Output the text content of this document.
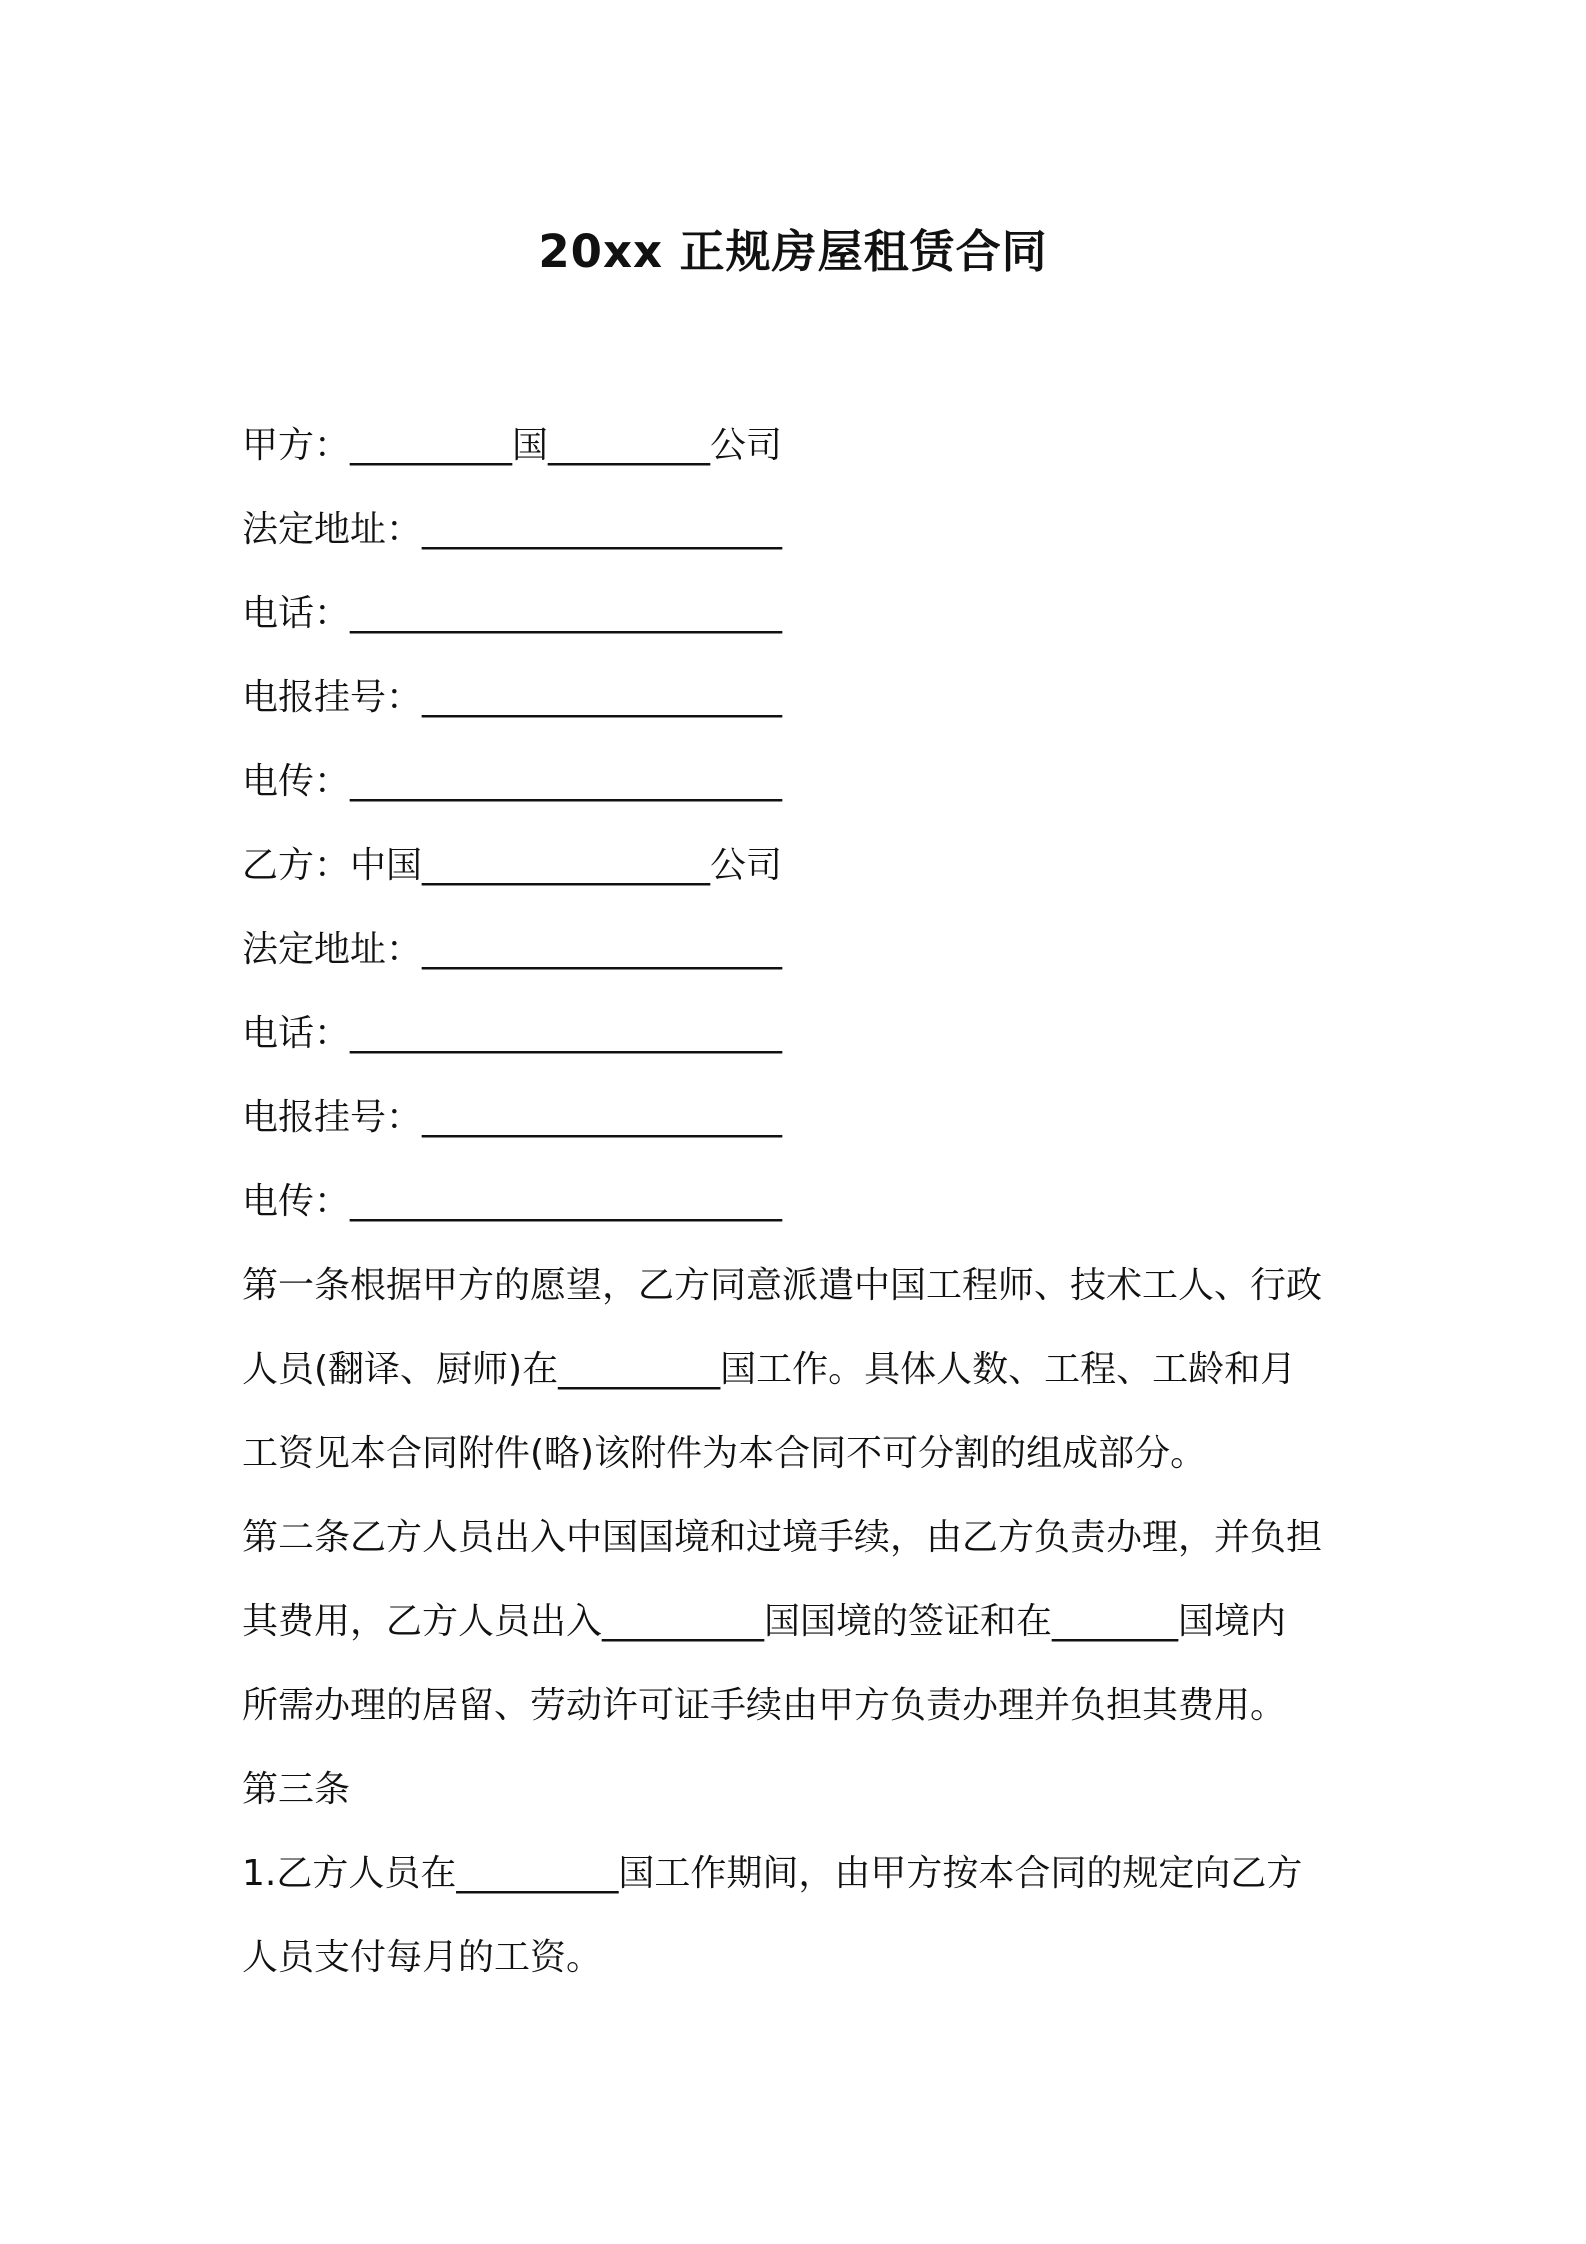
20xx 正规房屋租赁合同

甲方：_________国_________公司

法定地址：____________________

电话：________________________

电报挂号：____________________

电传：________________________

乙方：中国________________公司

法定地址：____________________

电话：________________________

电报挂号：____________________

电传：________________________

第一条根据甲方的愿望，乙方同意派遣中国工程师、技术工人、行政

人员(翻译、厨师)在_________国工作。具体人数、工程、工龄和月

工资见本合同附件(略)该附件为本合同不可分割的组成部分。

第二条乙方人员出入中国国境和过境手续，由乙方负责办理，并负担

其费用，乙方人员出入_________国国境的签证和在_______国境内

所需办理的居留、劳动许可证手续由甲方负责办理并负担其费用。

第三条

1.乙方人员在_________国工作期间，由甲方按本合同的规定向乙方

人员支付每月的工资。
